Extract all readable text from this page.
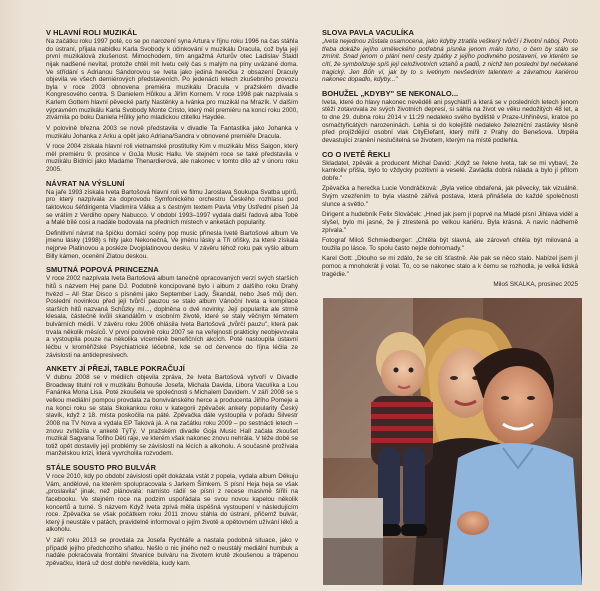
V HLAVNÍ ROLI MUZIKÁL

Na začátku roku 1997 poté, co se po narození syna Artura v říjnu roku 1996 na čas stáhla do ústraní, přijala nabídku Karla Svobody k účinkování v muzikálu Dracula, což byla její první muzikálová zkušenost. Mimochodem, tím angažmá Arturův otec Ladislav Štaidl nijak nadšené nevítal, protože chtěl mít Ivetu celý čas s malým na píny uvázané doma. Ve střídání s Adrianou Sándorovou se Iveta jako jediná herečka z obsazení Draculy objevila ve všech derniérových představeních. Po jedenácti letech zkušebního provozu byla v roce 2003 obnovena premiéra muzikálu Dracula v pražském divadle Kongresového centra. S Danielem Hůlkou a Jiřím Kornem. V roce 1998 pak nazpívala s Karlem Gottem hlavní pěvecké party Nastěnky a Ivánka pro muzikál na Mrazík. V dalším výpravném muzikálu Karla Svobody Monte Cristo, který měl premiéru na konci roku 2000, ztvárnila po boku Daniela Hůlky jeho mladickou ctitelku Haydée.

V polovině března 2003 se nově představila v divadle Ta Fantastika jako Johanka v muzikálu Johanka z Arku a opět jako Adriana/Sandra v obnovené premiéře Dracula.

V roce 2004 získala hlavní roli vietnamské prostitutky Kim v muzikálu Miss Saigon, který měl premiéru 9. prosince v GoJa Music Hallu. Ve stejném roce se také představila v muzikálu Bídníci jako Madame Thenardierová, ale nakonec v tomto dílo až v únoru roku 2005.

NÁVRAT NA VÝSLUNÍ

Na jaře 1993 získala Iveta Bartošová hlavní roli ve filmu Jaroslava Soukupa Svatba upírů, pro který nazpívala za doprovodu Symfonického orchestru Českého rozhlasu pod taktovkou šéfdirigenta Vladimíra Válka a s čestným textem Pavla Vrby Ústřední píseň Já se vrátím z Verdiho opery Nabucco. V období 1993–1997 vydala další řadová alba Tobě a Malé bílé cosi a nadále bodovala na předních místech v anketách popularity.

Definitivní návrat na špičku domácí scény pop music přinesla Ivetě Bartošové album Ve jmenu lásky (1998) s hity jako Nekonečná, Ve jménu lásky a Tři ořišky, za které získala nejprve Platinovou a posléze Dvojplatinovou desku. V závěru téhož roku pak vyšlo album Billy kámen, ocenění Zlatou deskou.

SMUTNÁ POPOVÁ PRINCEZNA

V roce 2002 nazpívala Iveta Bartošová album tanečně opracovaných verzí svých starších hitů s názvem Hej pane DJ. Podobně koncipované bylo i album z dalšího roku Drahý hvězd – All Star Disco s písněmi jako September Lady, Škandál, nebo Jseš můj den. Poslední novinkou před její tvůrčí pauzou se stalo album Vánoční Iveta a kompilace starších hitů nazvaná Schůzky mí..., doplněna o dvě novinky. Její popularita ale strmě klesala, částečně kvůli skandálům v osobním životě, které se staly věčným tématem bulvárních médií. V závěru roku 2006 ohlásila Iveta Bartošová „tvůrčí pauzu", která pak trvala několik měsíců. V první polovině roku 2007 se na veřejnosti prakticky neobjevovala a vystoupila pouze na několika víceméně benefičních akcích. Poté nastoupila ústavní léčbu v kroměřížské Psychiatrické léčebně, kde se od července do října léčila ze závislosti na antidepresivech.

ANKETY JÍ PŘEJÍ, TABLE POKRAČUJÍ

V dubnu 2008 se v médiích objevila zpráva, že Iveta Bartošová vytvoří v Divadle Broadway titulní roli v muzikálu Bohouše Josefa, Michala Davida, Libora Vaculíka a Lou Fanánka Mona Lisa. Poté zkoušela ve společnosti s Michalem Davidem. V září 2008 se s velkou mediální pompou provdala za bonvivánského herce a producenta Jiřího Pomeje a na konci roku se stala Skokankou roku v kategorii zpěvaček ankety popularity Český slavík, když z 18. místa poskočila na páté. Zpěvačka dále vystoupila v pořadu Silvestr 2008 na TV Nova a vydala EP Taková já. A na začátku roku 2009 – po sestnácti letech – znovu zvítězila v anketě TýTý. V pražském divadle Goja Music Hall začala zkoušet muzikál Sagvana Tofiho Děti ráje, ve kterém však nakonec znovu nehrála. V téže době se totiž opět dostavily její problémy se závislostí na lécích a alkoholu. A současně prožívala manželskou krizi, která vyvrcholila rozvodem.

STÁLE SOUSTO PRO BULVÁR

V roce 2010, kdy po období závislosti opět dokázala vstát z popela, vydala album Děkuju Vám, andělové, na kterém spolupracovala s Jarkem Šimkem. S písní Heja heja se však „proslavila" jinak, než plánovala: namísto rádií se písní z recese masivně šířili na facebooku. Ve stejném roce na podzim uspořádala se svou novou kapelou několik koncertů a turné. S názvem Když Iveta zpívá měla úspěšná vystoupení v následujícím roce. Zpěvačka se však počátkem roku 2011 znovu stáhla do ústraní, přičemž bulvár, který ji neustále v patách, pravidelně informoval o jejím životě a opětovném užívání léků a alkoholu.

V září roku 2013 se provdala za Josefa Rychtáře a nastala podobná situace, jako v případě jejího předchozího sňatku. Nešlo o nic jiného než o neustálý mediální humbuk a nadále pokračovala frontální štvanice bulváru na životem krutě zkoušenou a trápenou zpěvačku, která už dost dobře nevěděla, kudy kam.

SLOVA PAVLA VACULÍKA

„Iveta nejednou zůstala osamocena, jako kdyby ztratila veškerý tvůrčí i životní náboj. Proto třeba dokáže jejího uměleckého potřebná písněa jenom málo toho, o čem by stálo se zmínit. Snad jenom o plání není cesty zpátky z jejího podivného postavení, ve kterém se cítí, že symbolizuje spíš její celoživotních vztahů a padů, z nichž ten poslední byl nečekané tragický. Jen Bůh ví, jak by to s ivetinym nevšedním talentem a závratnou kariérou nakonec dopadlo, kdyby..."

BOHUŽEL „KDYBY" SE NEKONALO...

Iveta, které do hlavy nakonec nevěděli ani psychiatři a která se v posledních letech jenom stěží zotavovala ze svých životních depresí, si sáhla na život ve věku nedožitých 48 let, a to dne 29. dubna roku 2014 v 11:29 nedaleko svého bydliště v Praze-Uhříněvsi, kratce po osmačtyřicátých narozeninách. Lehla si do kolejiště nedaleko železniční zastávky těsně před projíždějící osobní vlak CityElefant, který mířil z Prahy do Benešova. Utrpěla devastující zranění neslučitelná se životem, kterým na místě podlehla.

CO O IVETĚ ŘEKLI

Skladatel, zpěvák a producent Michal David: „Když se řekne Iveta, tak se mi vybaví, že kamkoliv přišla, bylo to vždycky pozitivní a veselé. Zavládla dobrá nálada a bylo jí přitom dobře."

Zpěvačka a herečka Lucie Vondráčková: „Byla velice obdařená, jak pěvecky, tak vizuálně. Svým vzezřením to byla vlastně zářivá postava, která přinášela do každé společnosti slunce a světlo."

Dirigent a hudebník Felix Slováček: „Hned jak jsem jí poprvé na Mladé písní Jihlava viděl a slyšel, bylo mi jasné, že ji ztrestená po velkou kariéru. Byla krásná. A navíc nádherně zpívala."

Fotograf Miloš Schmiedberger: „Chtěla být slavná, ale zároveň chtěla být milovaná a toužila po lásce. To spolu často nejde dohromady."

Karel Gott: „Dlouho se mi zdálo, že se cítí šťastně. Ale pak se něco stalo. Nabízel jsem jí pomoc a mnohokrát ji volal. To, co se nakonec stalo a k čemu se rozhodla, je velká lidská tragédie."

Miloš SKALKA, prosinec 2025
